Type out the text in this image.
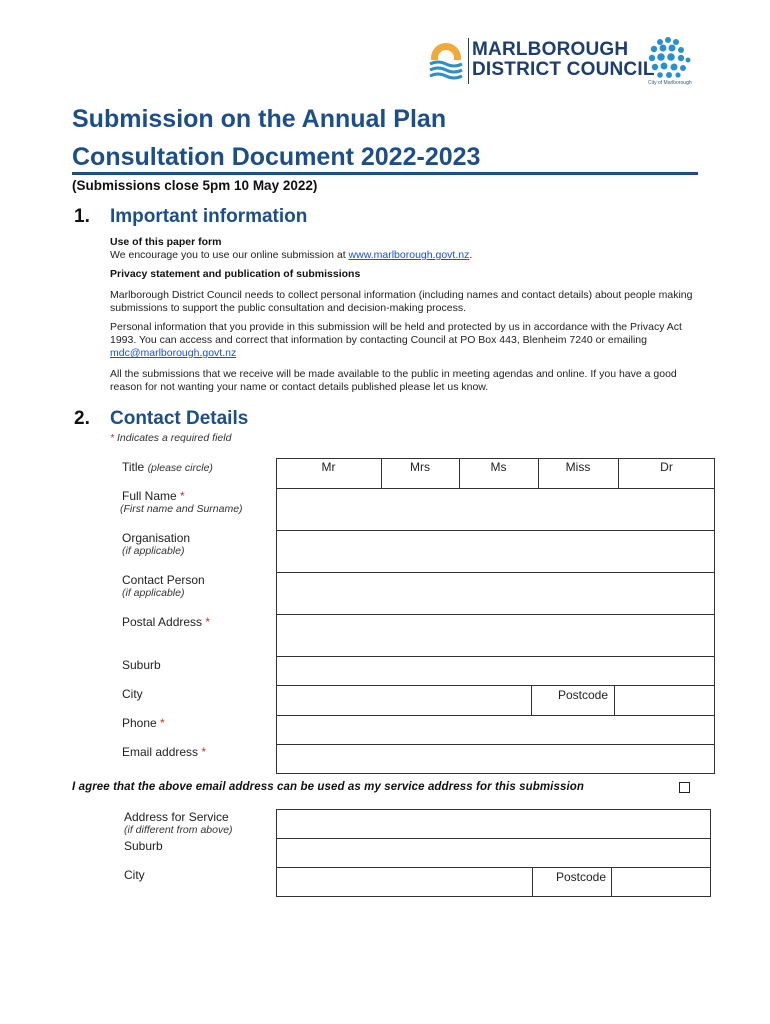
MARLBOROUGH
DISTRICT COUNCIL
City of Marlborough
Submission on the Annual Plan
Consultation Document 2022-2023
(Submissions close 5pm 10 May 2022)
1. Important information
Use of this paper form
We encourage you to use our online submission at www.marlborough.govt.nz.
Privacy statement and publication of submissions
Marlborough District Council needs to collect personal information (including names and contact details) about people making submissions to support the public consultation and decision-making process.
Personal information that you provide in this submission will be held and protected by us in accordance with the Privacy Act 1993. You can access and correct that information by contacting Council at PO Box 443, Blenheim 7240 or emailing mdc@marlborough.govt.nz
All the submissions that we receive will be made available to the public in meeting agendas and online. If you have a good reason for not wanting your name or contact details published please let us know.
2. Contact Details
* Indicates a required field
Title (please circle)	Mr	Mrs	Ms	Miss	Dr
Full Name *
(First name and Surname)
Organisation
(if applicable)
Contact Person
(if applicable)
Postal Address *
Suburb
City	Postcode
Phone *
Email address *
I agree that the above email address can be used as my service address for this submission
Address for Service
(if different from above)
Suburb
City	Postcode
